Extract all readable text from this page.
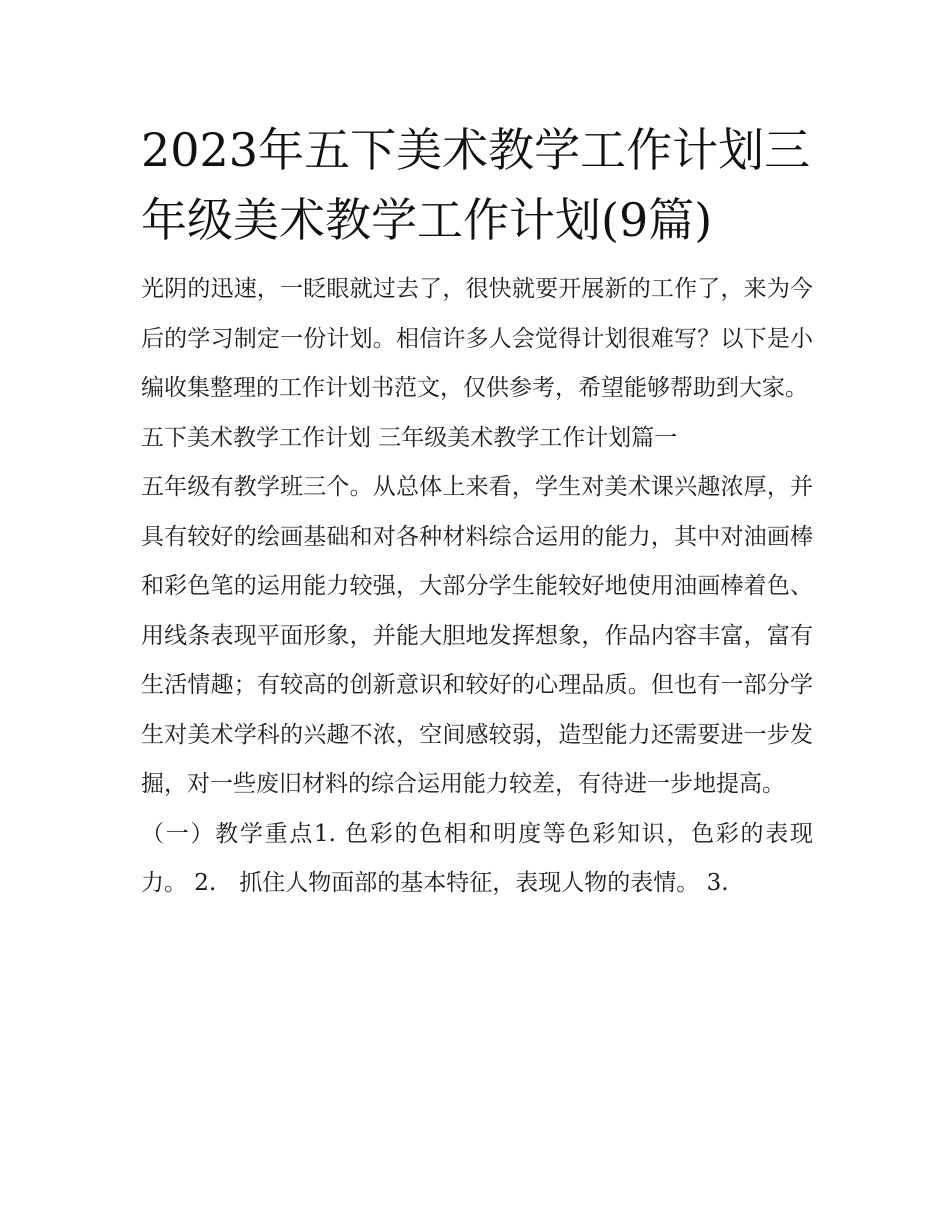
2023年五下美术教学工作计划三年级美术教学工作计划(9篇)

光阴的迅速，一眨眼就过去了，很快就要开展新的工作了，来为今后的学习制定一份计划。相信许多人会觉得计划很难写？以下是小编收集整理的工作计划书范文，仅供参考，希望能够帮助到大家。

五下美术教学工作计划 三年级美术教学工作计划篇一

五年级有教学班三个。从总体上来看，学生对美术课兴趣浓厚，并具有较好的绘画基础和对各种材料综合运用的能力，其中对油画棒和彩色笔的运用能力较强，大部分学生能较好地使用油画棒着色、用线条表现平面形象，并能大胆地发挥想象，作品内容丰富，富有生活情趣；有较高的创新意识和较好的心理品质。但也有一部分学生对美术学科的兴趣不浓，空间感较弱，造型能力还需要进一步发掘，对一些废旧材料的综合运用能力较差，有待进一步地提高。

（一）教学重点1. 色彩的色相和明度等色彩知识，色彩的表现力。 2.　抓住人物面部的基本特征，表现人物的表情。 3.
